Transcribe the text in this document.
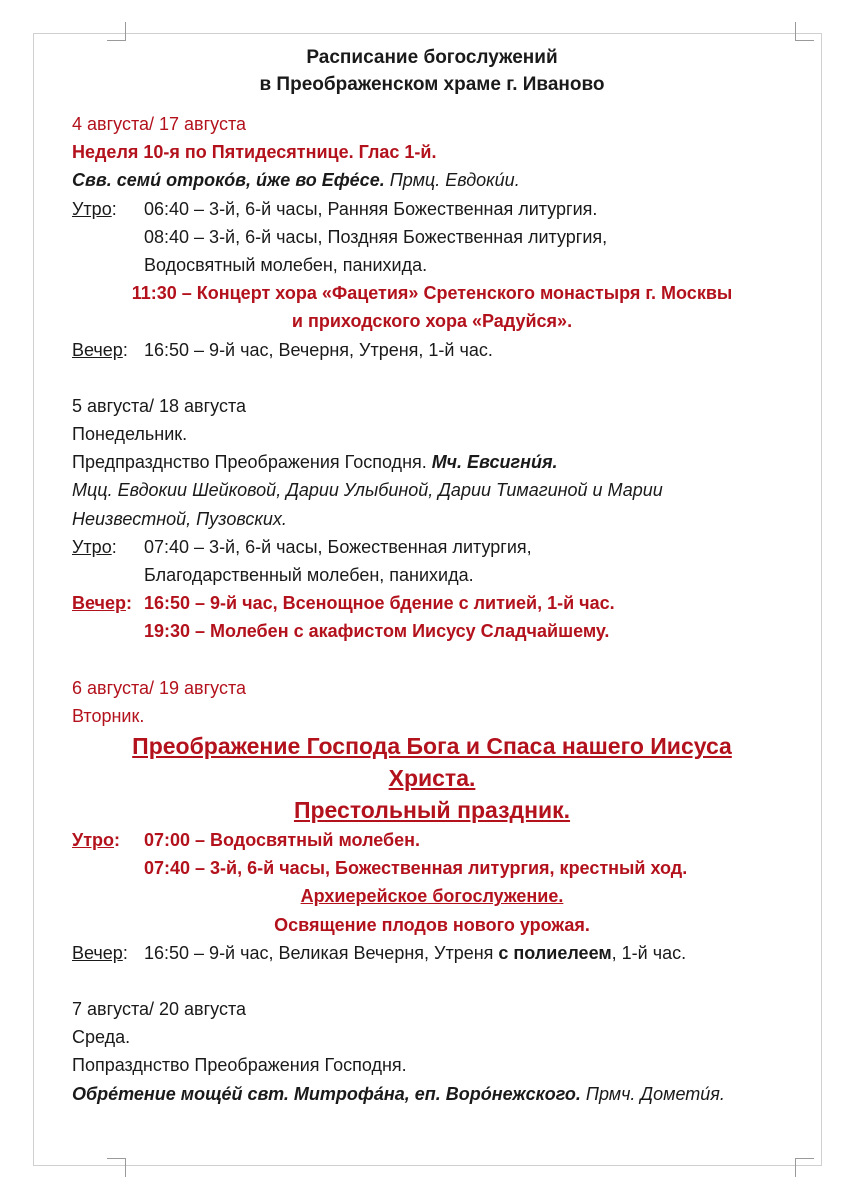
Расписание богослужений
в Преображенском храме г. Иваново
4 августа/ 17 августа
Неделя 10-я по Пятидесятнице. Глас 1-й.
Свв. семи́ отроко́в, и́же во Ефе́се. Прмц. Евдоки́и.
Утро: 06:40 – 3-й, 6-й часы, Ранняя Божественная литургия.
08:40 – 3-й, 6-й часы, Поздняя Божественная литургия,
Водосвятный молебен, панихида.
11:30 – Концерт хора «Фацетия» Сретенского монастыря г. Москвы
и приходского хора «Радуйся».
Вечер: 16:50 – 9-й час, Вечерня, Утреня, 1-й час.
5 августа/ 18 августа
Понедельник.
Предпразднство Преображения Господня. Мч. Евсигни́я.
Мцц. Евдокии Шейковой, Дарии Улыбиной, Дарии Тимагиной и Марии
Неизвестной, Пузовских.
Утро: 07:40 – 3-й, 6-й часы, Божественная литургия,
Благодарственный молебен, панихида.
Вечер: 16:50 – 9-й час, Всенощное бдение с литией, 1-й час.
19:30 – Молебен с акафистом Иисусу Сладчайшему.
6 августа/ 19 августа
Вторник.
Преображение Господа Бога и Спаса нашего Иисуса
Христа.
Престольный праздник.
Утро: 07:00 – Водосвятный молебен.
07:40 – 3-й, 6-й часы, Божественная литургия, крестный ход.
Архиерейское богослужение.
Освящение плодов нового урожая.
Вечер: 16:50 – 9-й час, Великая Вечерня, Утреня с полиелеем, 1-й час.
7 августа/ 20 августа
Среда.
Попразднство Преображения Господня.
Обре́тение моще́й свт. Митрофа́на, еп. Воро́нежского. Прмч. Домети́я.
